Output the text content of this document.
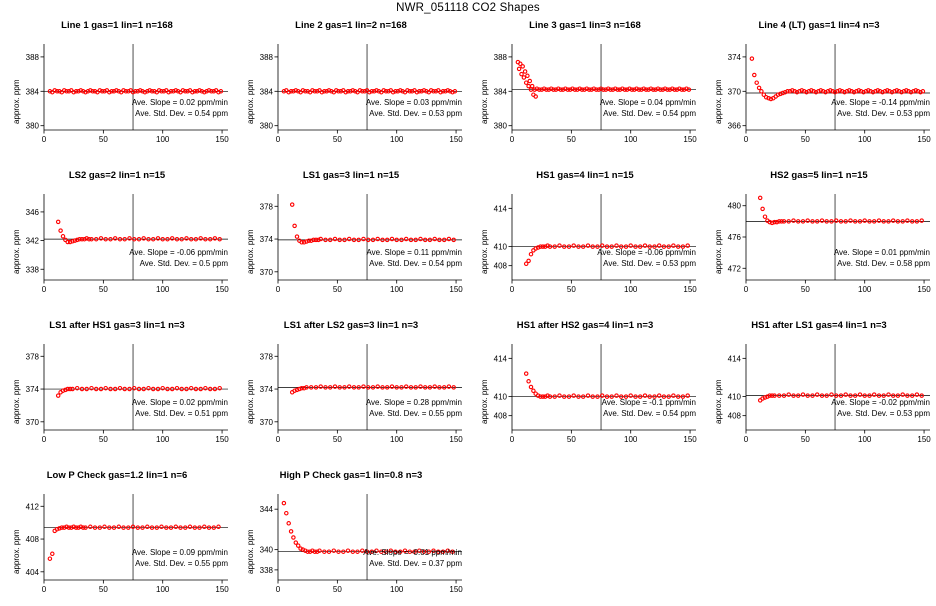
NWR_051118 CO2 Shapes
Line 1 gas=1 lin=1 n=168
0	50	100	150
380
384
388
approx. ppm	Ave. Slope = 0.02 ppm/min
Ave. Std. Dev. = 0.54 ppm
Line 2 gas=1 lin=2 n=168
0	50	100	150
380
384
388
approx. ppm	Ave. Slope = 0.03 ppm/min
Ave. Std. Dev. = 0.53 ppm
Line 3 gas=1 lin=3 n=168
0	50	100	150
380
384
388
approx. ppm	Ave. Slope = 0.04 ppm/min
Ave. Std. Dev. = 0.54 ppm
Line 4 (LT) gas=1 lin=4 n=3
0	50	100	150
366
370
374
approx. ppm	Ave. Slope = -0.14 ppm/min
Ave. Std. Dev. = 0.53 ppm
LS2 gas=2 lin=1 n=15
0	50	100	150
338
342
346
approx. ppm	Ave. Slope = -0.06 ppm/min
Ave. Std. Dev. = 0.5 ppm
LS1 gas=3 lin=1 n=15
0	50	100	150
370
374
378
approx. ppm	Ave. Slope = 0.11 ppm/min
Ave. Std. Dev. = 0.54 ppm
HS1 gas=4 lin=1 n=15
0	50	100	150
408
410
414
approx. ppm	Ave. Slope = -0.06 ppm/min
Ave. Std. Dev. = 0.53 ppm
HS2 gas=5 lin=1 n=15
0	50	100	150
472
476
480
approx. ppm	Ave. Slope = 0.01 ppm/min
Ave. Std. Dev. = 0.58 ppm
LS1 after HS1 gas=3 lin=1 n=3
0	50	100	150
370
374
378
approx. ppm	Ave. Slope = 0.02 ppm/min
Ave. Std. Dev. = 0.51 ppm
LS1 after LS2 gas=3 lin=1 n=3
0	50	100	150
370
374
378
approx. ppm	Ave. Slope = 0.28 ppm/min
Ave. Std. Dev. = 0.55 ppm
HS1 after HS2 gas=4 lin=1 n=3
0	50	100	150
408
410
414
approx. ppm	Ave. Slope = -0.1 ppm/min
Ave. Std. Dev. = 0.54 ppm
HS1 after LS1 gas=4 lin=1 n=3
0	50	100	150
408
410
414
approx. ppm	Ave. Slope = -0.02 ppm/min
Ave. Std. Dev. = 0.53 ppm
Low P Check gas=1.2 lin=1 n=6
0	50	100	150
404
408
412
approx. ppm	Ave. Slope = 0.09 ppm/min
Ave. Std. Dev. = 0.55 ppm
High P Check gas=1 lin=0.8 n=3
0	50	100	150
338
340
344
approx. ppm	Ave. Slope = -0.01 ppm/min
Ave. Std. Dev. = 0.37 ppm
